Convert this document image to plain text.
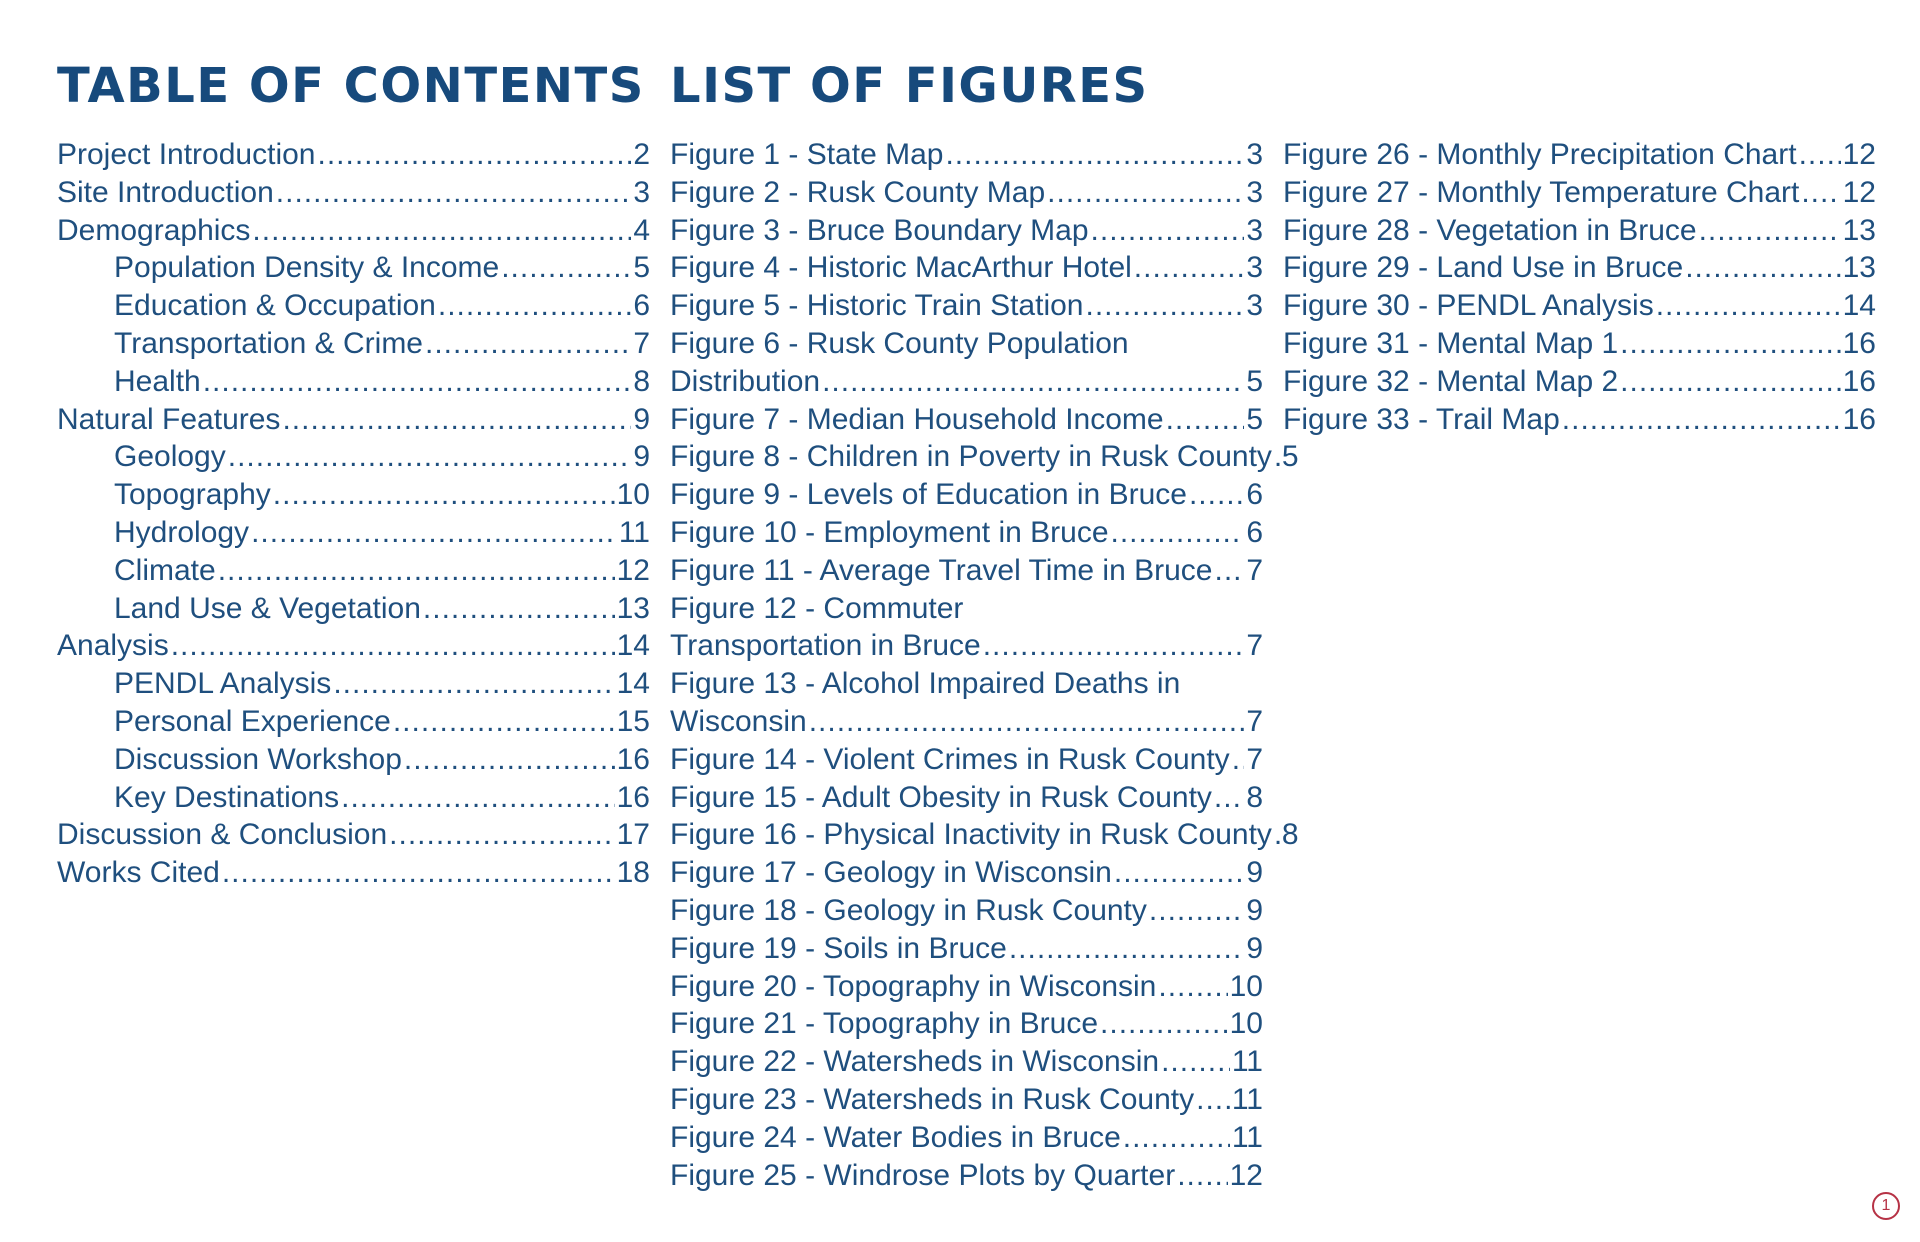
TABLE OF CONTENTS LIST OF FIGURES
Project Introduction .....	2
Site Introduction .....	3
Demographics .....	4
Population Density & Income .....	5
Education & Occupation .....	6
Transportation & Crime .....	7
Health .....	8
Natural Features .....	9
Geology .....	9
Topography .....	10
Hydrology .....	11
Climate .....	12
Land Use & Vegetation .....	13
Analysis .....	14
PENDL Analysis .....	14
Personal Experience .....	15
Discussion Workshop .....	16
Key Destinations .....	16
Discussion & Conclusion .....	17
Works Cited .....	18
Figure 1 - State Map .....	3
Figure 2 - Rusk County Map .....	3
Figure 3 - Bruce Boundary Map .....	3
Figure 4 - Historic MacArthur Hotel .....	3
Figure 5 - Historic Train Station .....	3
Figure 6 - Rusk County Population
Distribution .....	5
Figure 7 - Median Household Income .....	5
Figure 8 - Children in Poverty in Rusk County ..... 5
Figure 9 - Levels of Education in Bruce ..... 6
Figure 10 - Employment in Bruce .....	6
Figure 11 - Average Travel Time in Bruce ..... 7
Figure 12 - Commuter
Transportation in Bruce .....	7
Figure 13 - Alcohol Impaired Deaths in
Wisconsin .....	7
Figure 14 - Violent Crimes in Rusk County ..... 7
Figure 15 - Adult Obesity in Rusk County ..... 8
Figure 16 - Physical Inactivity in Rusk County ..... 8
Figure 17 - Geology in Wisconsin .....	9
Figure 18 - Geology in Rusk County .....	9
Figure 19 - Soils in Bruce .....	9
Figure 20 - Topography in Wisconsin ..... 10
Figure 21 - Topography in Bruce .....	10
Figure 22 - Watersheds in Wisconsin ..... 11
Figure 23 - Watersheds in Rusk County ..... 11
Figure 24 - Water Bodies in Bruce .....	11
Figure 25 - Windrose Plots by Quarter ..... 12
Figure 26 - Monthly Precipitation Chart ..... 12
Figure 27 - Monthly Temperature Chart ..... 12
Figure 28 - Vegetation in Bruce .....	13
Figure 29 - Land Use in Bruce .....	13
Figure 30 - PENDL Analysis .....	14
Figure 31 - Mental Map 1 .....	16
Figure 32 - Mental Map 2 .....	16
Figure 33 - Trail Map .....	16
1
